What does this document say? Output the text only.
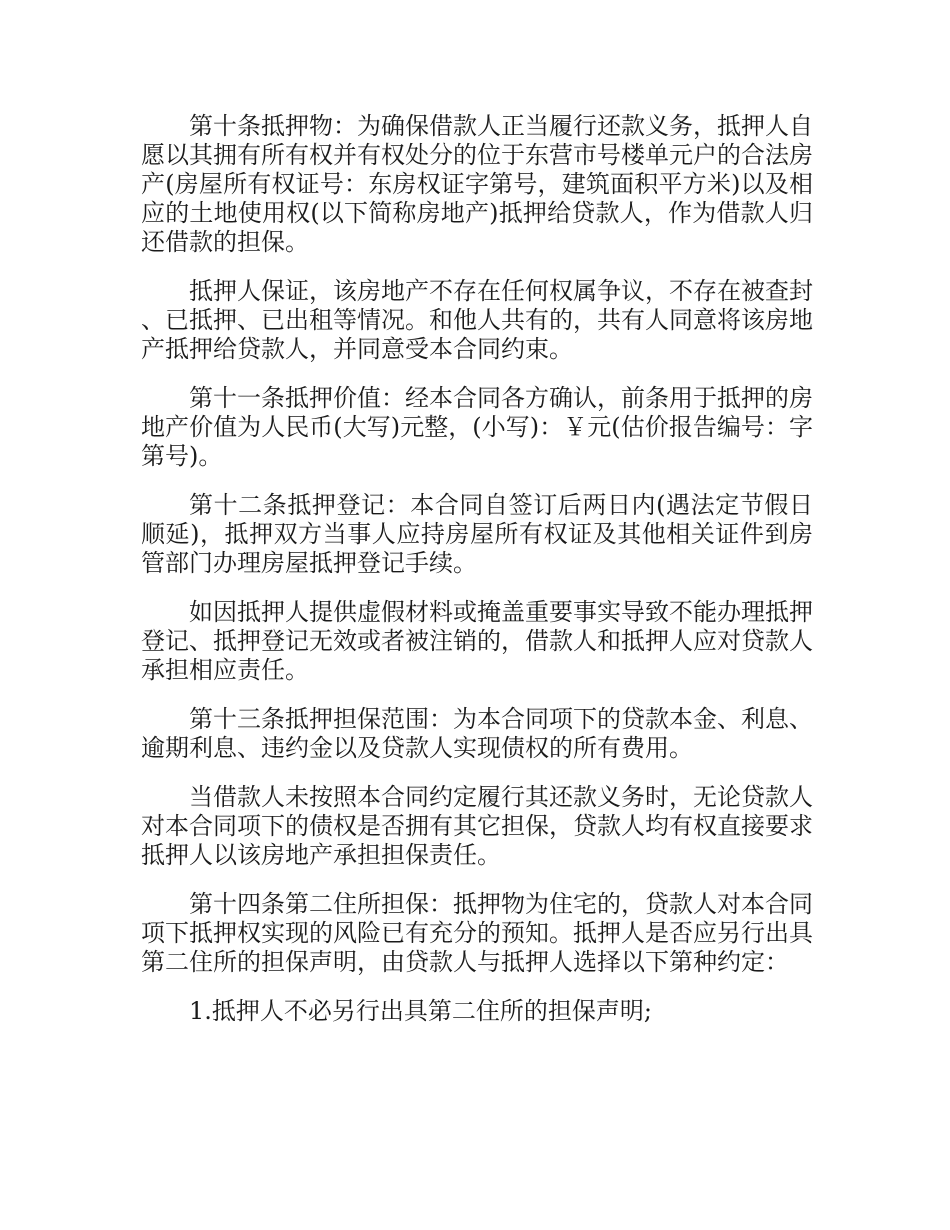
第十条抵押物：为确保借款人正当履行还款义务，抵押人自愿以其拥有所有权并有权处分的位于东营市号楼单元户的合法房产(房屋所有权证号：东房权证字第号，建筑面积平方米)以及相应的土地使用权(以下简称房地产)抵押给贷款人，作为借款人归还借款的担保。

抵押人保证，该房地产不存在任何权属争议，不存在被查封、已抵押、已出租等情况。和他人共有的，共有人同意将该房地产抵押给贷款人，并同意受本合同约束。

第十一条抵押价值：经本合同各方确认，前条用于抵押的房地产价值为人民币(大写)元整，(小写)：￥元(估价报告编号：字第号)。

第十二条抵押登记：本合同自签订后两日内(遇法定节假日顺延)，抵押双方当事人应持房屋所有权证及其他相关证件到房管部门办理房屋抵押登记手续。

如因抵押人提供虚假材料或掩盖重要事实导致不能办理抵押登记、抵押登记无效或者被注销的，借款人和抵押人应对贷款人承担相应责任。

第十三条抵押担保范围：为本合同项下的贷款本金、利息、逾期利息、违约金以及贷款人实现债权的所有费用。

当借款人未按照本合同约定履行其还款义务时，无论贷款人对本合同项下的债权是否拥有其它担保，贷款人均有权直接要求抵押人以该房地产承担担保责任。

第十四条第二住所担保：抵押物为住宅的，贷款人对本合同项下抵押权实现的风险已有充分的预知。抵押人是否应另行出具第二住所的担保声明，由贷款人与抵押人选择以下第种约定：

1.抵押人不必另行出具第二住所的担保声明;
